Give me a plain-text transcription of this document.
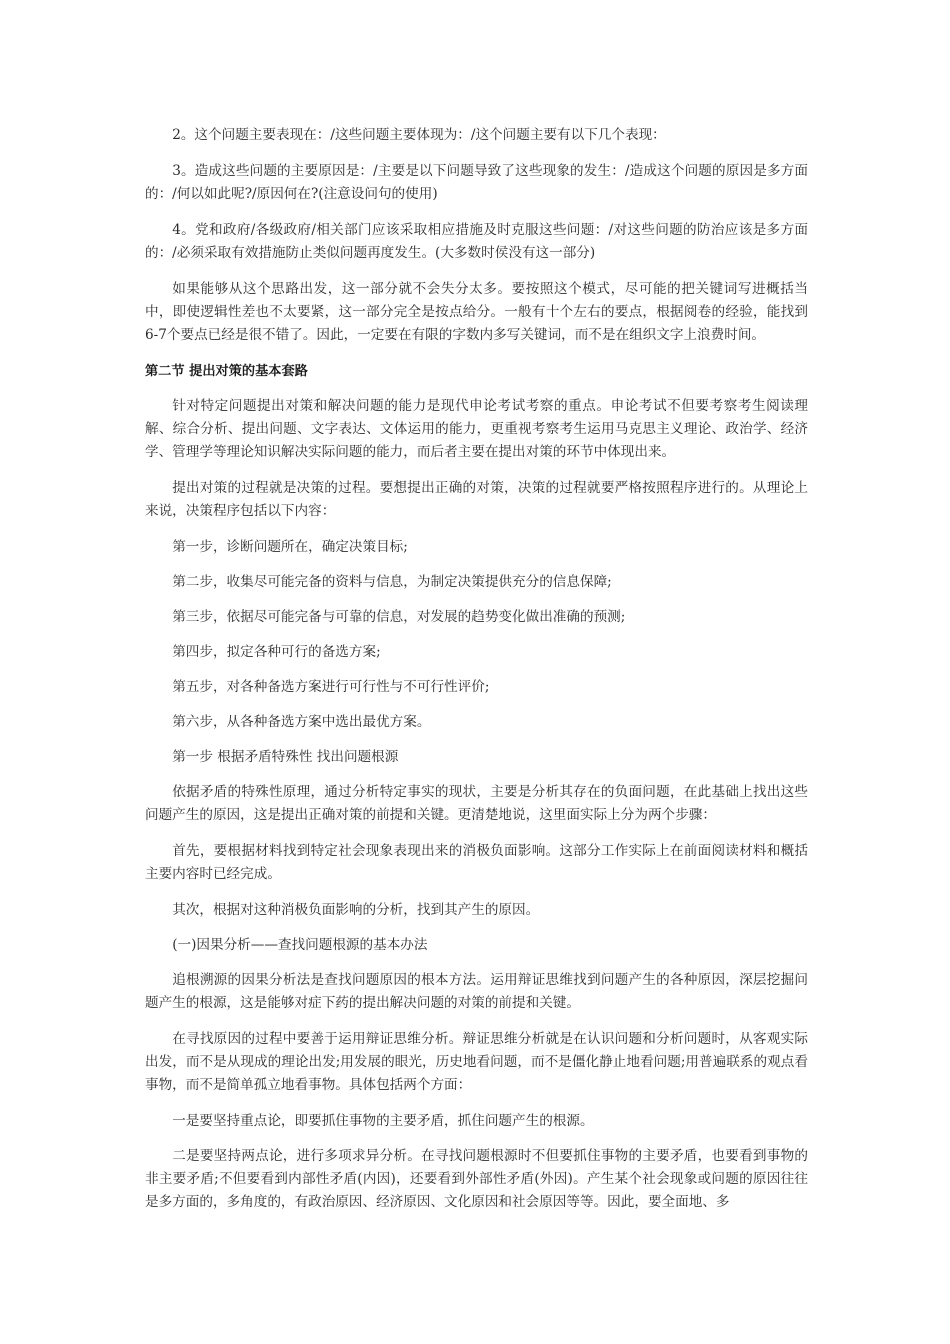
2。这个问题主要表现在：/这些问题主要体现为：/这个问题主要有以下几个表现：

3。造成这些问题的主要原因是：/主要是以下问题导致了这些现象的发生：/造成这个问题的原因是多方面的：/何以如此呢?/原因何在?(注意设问句的使用)

4。党和政府/各级政府/相关部门应该采取相应措施及时克服这些问题：/对这些问题的防治应该是多方面的：/必须采取有效措施防止类似问题再度发生。(大多数时侯没有这一部分)

如果能够从这个思路出发，这一部分就不会失分太多。要按照这个模式，尽可能的把关键词写进概括当中，即使逻辑性差也不太要紧，这一部分完全是按点给分。一般有十个左右的要点，根据阅卷的经验，能找到6-7个要点已经是很不错了。因此，一定要在有限的字数内多写关键词，而不是在组织文字上浪费时间。

第二节 提出对策的基本套路

针对特定问题提出对策和解决问题的能力是现代申论考试考察的重点。申论考试不但要考察考生阅读理解、综合分析、提出问题、文字表达、文体运用的能力，更重视考察考生运用马克思主义理论、政治学、经济学、管理学等理论知识解决实际问题的能力，而后者主要在提出对策的环节中体现出来。

提出对策的过程就是决策的过程。要想提出正确的对策，决策的过程就要严格按照程序进行的。从理论上来说，决策程序包括以下内容：

第一步，诊断问题所在，确定决策目标;

第二步，收集尽可能完备的资料与信息，为制定决策提供充分的信息保障;

第三步，依据尽可能完备与可靠的信息，对发展的趋势变化做出准确的预测;

第四步，拟定各种可行的备选方案;

第五步，对各种备选方案进行可行性与不可行性评价;

第六步，从各种备选方案中选出最优方案。

第一步 根据矛盾特殊性 找出问题根源

依据矛盾的特殊性原理，通过分析特定事实的现状，主要是分析其存在的负面问题，在此基础上找出这些问题产生的原因，这是提出正确对策的前提和关键。更清楚地说，这里面实际上分为两个步骤：

首先，要根据材料找到特定社会现象表现出来的消极负面影响。这部分工作实际上在前面阅读材料和概括主要内容时已经完成。

其次，根据对这种消极负面影响的分析，找到其产生的原因。

(一)因果分析——查找问题根源的基本办法

追根溯源的因果分析法是查找问题原因的根本方法。运用辩证思维找到问题产生的各种原因，深层挖掘问题产生的根源，这是能够对症下药的提出解决问题的对策的前提和关键。

在寻找原因的过程中要善于运用辩证思维分析。辩证思维分析就是在认识问题和分析问题时，从客观实际出发，而不是从现成的理论出发;用发展的眼光，历史地看问题，而不是僵化静止地看问题;用普遍联系的观点看事物，而不是简单孤立地看事物。具体包括两个方面：

一是要坚持重点论，即要抓住事物的主要矛盾，抓住问题产生的根源。

二是要坚持两点论，进行多项求异分析。在寻找问题根源时不但要抓住事物的主要矛盾，也要看到事物的非主要矛盾;不但要看到内部性矛盾(内因)，还要看到外部性矛盾(外因)。产生某个社会现象或问题的原因往往是多方面的，多角度的，有政治原因、经济原因、文化原因和社会原因等等。因此，要全面地、多
